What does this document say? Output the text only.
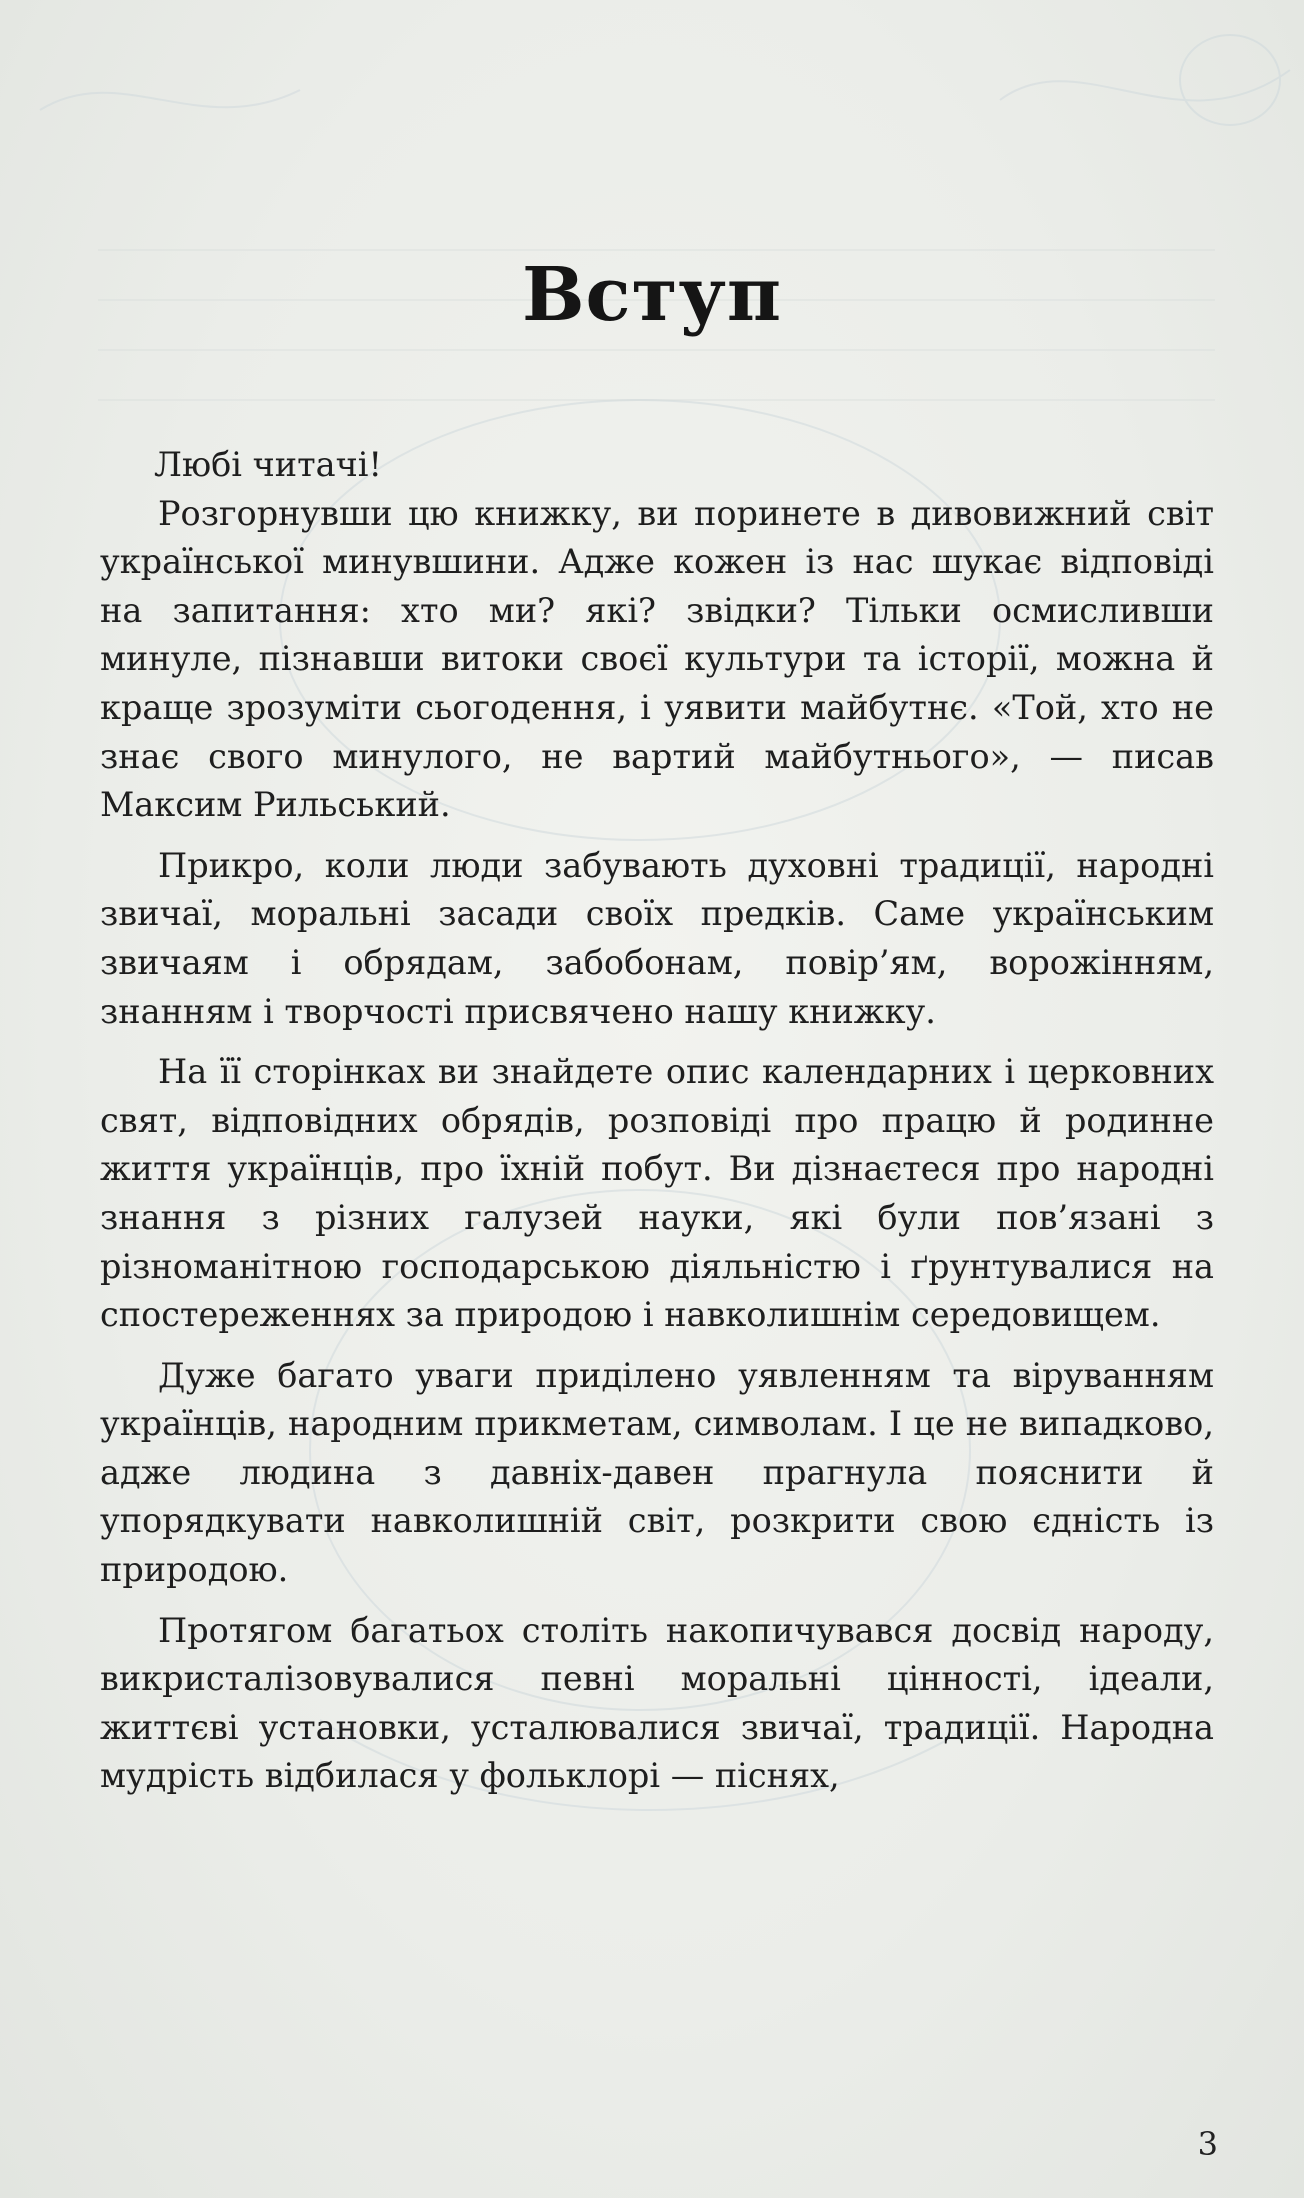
Вступ

Любі читачі!

Розгорнувши цю книжку, ви поринете в дивовижний світ української минувшини. Адже кожен із нас шукає відповіді на запитання: хто ми? які? звідки? Тільки осмисливши минуле, пізнавши витоки своєї культури та історії, можна й краще зрозуміти сьогодення, і уявити майбутнє. «Той, хто не знає свого минулого, не вартий майбутнього», — писав Максим Рильський.

Прикро, коли люди забувають духовні традиції, народні звичаї, моральні засади своїх предків. Саме українським звичаям і обрядам, забобонам, повір’ям, ворожінням, знанням і творчості присвячено нашу книжку.

На її сторінках ви знайдете опис календарних і церковних свят, відповідних обрядів, розповіді про працю й родинне життя українців, про їхній побут. Ви дізнаєтеся про народні знання з різних галузей науки, які були пов’язані з різноманітною господарською діяльністю і ґрунтувалися на спостереженнях за природою і навколишнім середовищем.

Дуже багато уваги приділено уявленням та віруванням українців, народним прикметам, символам. І це не випадково, адже людина з давніх-давен прагнула пояснити й упорядкувати навколишній світ, розкрити свою єдність із природою.

Протягом багатьох століть накопичувався досвід народу, викристалізовувалися певні моральні цінності, ідеали, життєві установки, усталювалися звичаї, традиції. Народна мудрість відбилася у фольклорі — піснях,

3
